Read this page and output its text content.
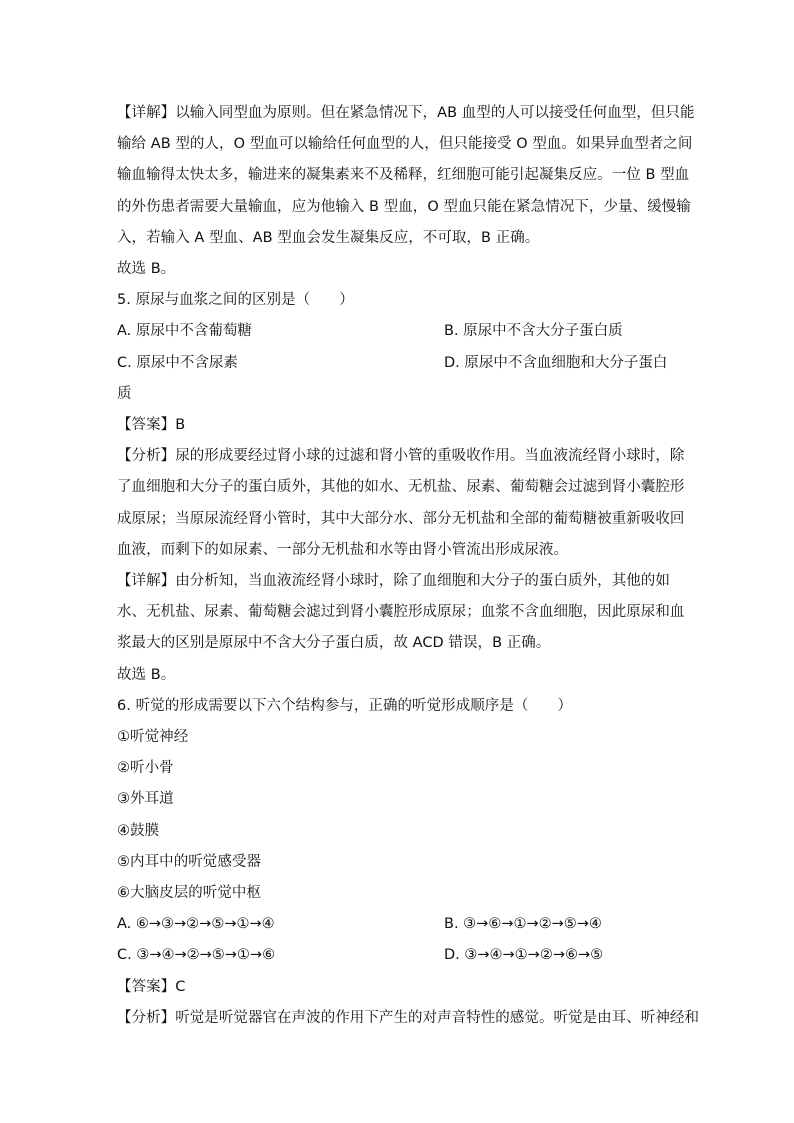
【详解】以输入同型血为原则。但在紧急情况下，AB 血型的人可以接受任何血型，但只能
输给 AB 型的人，O 型血可以输给任何血型的人，但只能接受 O 型血。如果异血型者之间
输血输得太快太多，输进来的凝集素来不及稀释，红细胞可能引起凝集反应。一位 B 型血
的外伤患者需要大量输血，应为他输入 B 型血，O 型血只能在紧急情况下，少量、缓慢输
入，若输入 A 型血、AB 型血会发生凝集反应，不可取，B 正确。
故选 B。
5. 原尿与血浆之间的区别是（　　）
A. 原尿中不含葡萄糖	B. 原尿中不含大分子蛋白质
C. 原尿中不含尿素	D. 原尿中不含血细胞和大分子蛋白
质
【答案】B
【分析】尿的形成要经过肾小球的过滤和肾小管的重吸收作用。当血液流经肾小球时，除
了血细胞和大分子的蛋白质外，其他的如水、无机盐、尿素、葡萄糖会过滤到肾小囊腔形
成原尿；当原尿流经肾小管时，其中大部分水、部分无机盐和全部的葡萄糖被重新吸收回
血液，而剩下的如尿素、一部分无机盐和水等由肾小管流出形成尿液。
【详解】由分析知，当血液流经肾小球时，除了血细胞和大分子的蛋白质外，其他的如
水、无机盐、尿素、葡萄糖会滤过到肾小囊腔形成原尿；血浆不含血细胞，因此原尿和血
浆最大的区别是原尿中不含大分子蛋白质，故 ACD 错误，B 正确。
故选 B。
6. 听觉的形成需要以下六个结构参与，正确的听觉形成顺序是（　　）
①听觉神经
②听小骨
③外耳道
④鼓膜
⑤内耳中的听觉感受器
⑥大脑皮层的听觉中枢
A. ⑥→③→②→⑤→①→④	B. ③→⑥→①→②→⑤→④
C. ③→④→②→⑤→①→⑥	D. ③→④→①→②→⑥→⑤
【答案】C
【分析】听觉是听觉器官在声波的作用下产生的对声音特性的感觉。听觉是由耳、听神经和
